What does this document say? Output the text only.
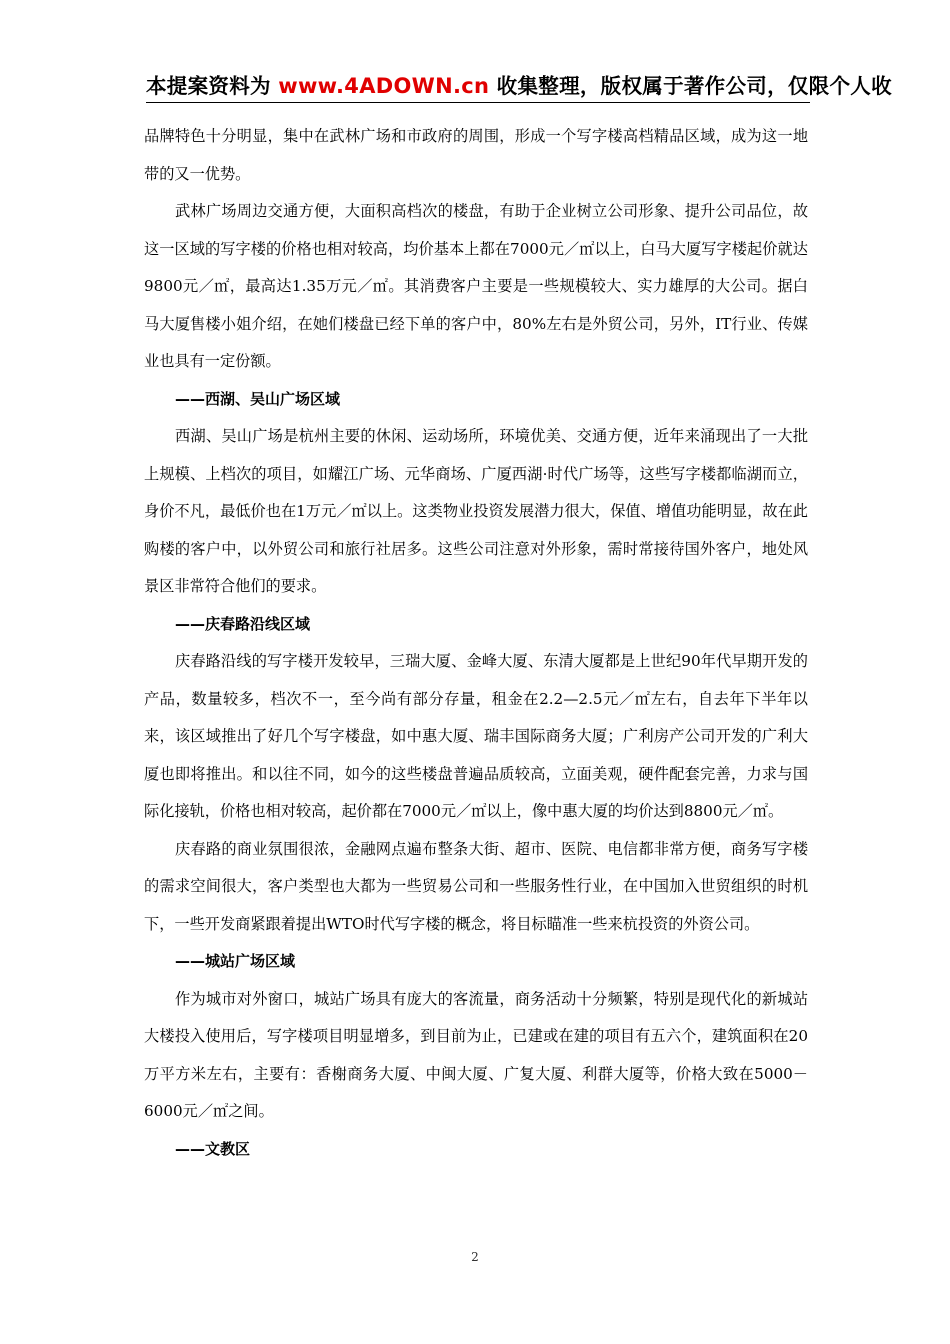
本提案资料为 www.4ADOWN.cn 收集整理，版权属于著作公司，仅限个人收

品牌特色十分明显，集中在武林广场和市政府的周围，形成一个写字楼高档精品区域，成为这一地带的又一优势。

武林广场周边交通方便，大面积高档次的楼盘，有助于企业树立公司形象、提升公司品位，故这一区域的写字楼的价格也相对较高，均价基本上都在7000元／㎡以上，白马大厦写字楼起价就达9800元／㎡，最高达1.35万元／㎡。其消费客户主要是一些规模较大、实力雄厚的大公司。据白马大厦售楼小姐介绍，在她们楼盘已经下单的客户中，80%左右是外贸公司，另外，IT行业、传媒业也具有一定份额。

——西湖、吴山广场区域

西湖、吴山广场是杭州主要的休闲、运动场所，环境优美、交通方便，近年来涌现出了一大批上规模、上档次的项目，如耀江广场、元华商场、广厦西湖·时代广场等，这些写字楼都临湖而立，身价不凡，最低价也在1万元／㎡以上。这类物业投资发展潜力很大，保值、增值功能明显，故在此购楼的客户中，以外贸公司和旅行社居多。这些公司注意对外形象，需时常接待国外客户，地处风景区非常符合他们的要求。

——庆春路沿线区域

庆春路沿线的写字楼开发较早，三瑞大厦、金峰大厦、东清大厦都是上世纪90年代早期开发的产品，数量较多，档次不一，至今尚有部分存量，租金在2.2—2.5元／㎡左右，自去年下半年以来，该区域推出了好几个写字楼盘，如中惠大厦、瑞丰国际商务大厦；广利房产公司开发的广利大厦也即将推出。和以往不同，如今的这些楼盘普遍品质较高，立面美观，硬件配套完善，力求与国际化接轨，价格也相对较高，起价都在7000元／㎡以上，像中惠大厦的均价达到8800元／㎡。

庆春路的商业氛围很浓，金融网点遍布整条大街、超市、医院、电信都非常方便，商务写字楼的需求空间很大，客户类型也大都为一些贸易公司和一些服务性行业，在中国加入世贸组织的时机下，一些开发商紧跟着提出WTO时代写字楼的概念，将目标瞄准一些来杭投资的外资公司。

——城站广场区域

作为城市对外窗口，城站广场具有庞大的客流量，商务活动十分频繁，特别是现代化的新城站大楼投入使用后，写字楼项目明显增多，到目前为止，已建或在建的项目有五六个，建筑面积在20万平方米左右，主要有：香榭商务大厦、中闽大厦、广复大厦、利群大厦等，价格大致在5000－6000元／㎡之间。

——文教区

2
